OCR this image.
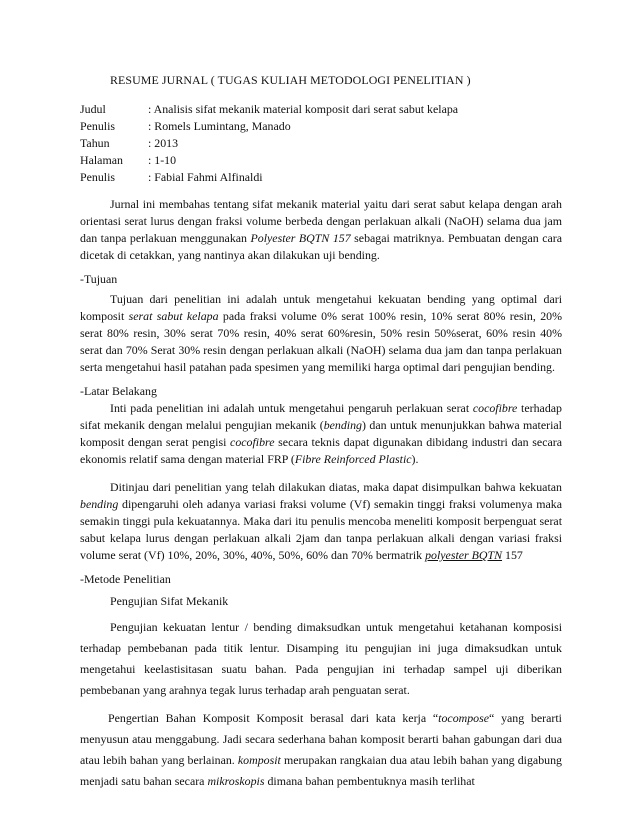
RESUME JURNAL ( TUGAS KULIAH METODOLOGI PENELITIAN )

Judul	: Analisis sifat mekanik material komposit dari serat sabut kelapa
Penulis	: Romels Lumintang, Manado
Tahun	: 2013
Halaman	: 1-10
Penulis	: Fabial Fahmi Alfinaldi

Jurnal ini membahas tentang sifat mekanik material yaitu dari serat sabut kelapa dengan arah orientasi serat lurus dengan fraksi volume berbeda dengan perlakuan alkali (NaOH) selama dua jam dan tanpa perlakuan menggunakan Polyester BQTN 157 sebagai matriknya. Pembuatan dengan cara dicetak di cetakkan, yang nantinya akan dilakukan uji bending.

-Tujuan

Tujuan dari penelitian ini adalah untuk mengetahui kekuatan bending yang optimal dari komposit serat sabut kelapa pada fraksi volume 0% serat 100% resin, 10% serat 80% resin, 20% serat 80% resin, 30% serat 70% resin, 40% serat 60%resin, 50% resin 50%serat, 60% resin 40% serat dan 70% Serat 30% resin dengan perlakuan alkali (NaOH) selama dua jam dan tanpa perlakuan serta mengetahui hasil patahan pada spesimen yang memiliki harga optimal dari pengujian bending.

-Latar Belakang

Inti pada penelitian ini adalah untuk mengetahui pengaruh perlakuan serat cocofibre terhadap sifat mekanik dengan melalui pengujian mekanik (bending) dan untuk menunjukkan bahwa material komposit dengan serat pengisi cocofibre secara teknis dapat digunakan dibidang industri dan secara ekonomis relatif sama dengan material FRP (Fibre Reinforced Plastic).

Ditinjau dari penelitian yang telah dilakukan diatas, maka dapat disimpulkan bahwa kekuatan bending dipengaruhi oleh adanya variasi fraksi volume (Vf) semakin tinggi fraksi volumenya maka semakin tinggi pula kekuatannya. Maka dari itu penulis mencoba meneliti komposit berpenguat serat sabut kelapa lurus dengan perlakuan alkali 2jam dan tanpa perlakuan alkali dengan variasi fraksi volume serat (Vf) 10%, 20%, 30%, 40%, 50%, 60% dan 70% bermatrik polyester BQTN 157

-Metode Penelitian

Pengujian Sifat Mekanik

Pengujian kekuatan lentur / bending dimaksudkan untuk mengetahui ketahanan komposisi terhadap pembebanan pada titik lentur. Disamping itu pengujian ini juga dimaksudkan untuk mengetahui keelastisitasan suatu bahan. Pada pengujian ini terhadap sampel uji diberikan pembebanan yang arahnya tegak lurus terhadap arah penguatan serat.

Pengertian Bahan Komposit Komposit berasal dari kata kerja “tocompose“ yang berarti menyusun atau menggabung. Jadi secara sederhana bahan komposit berarti bahan gabungan dari dua atau lebih bahan yang berlainan. komposit merupakan rangkaian dua atau lebih bahan yang digabung menjadi satu bahan secara mikroskopis dimana bahan pembentuknya masih terlihat
